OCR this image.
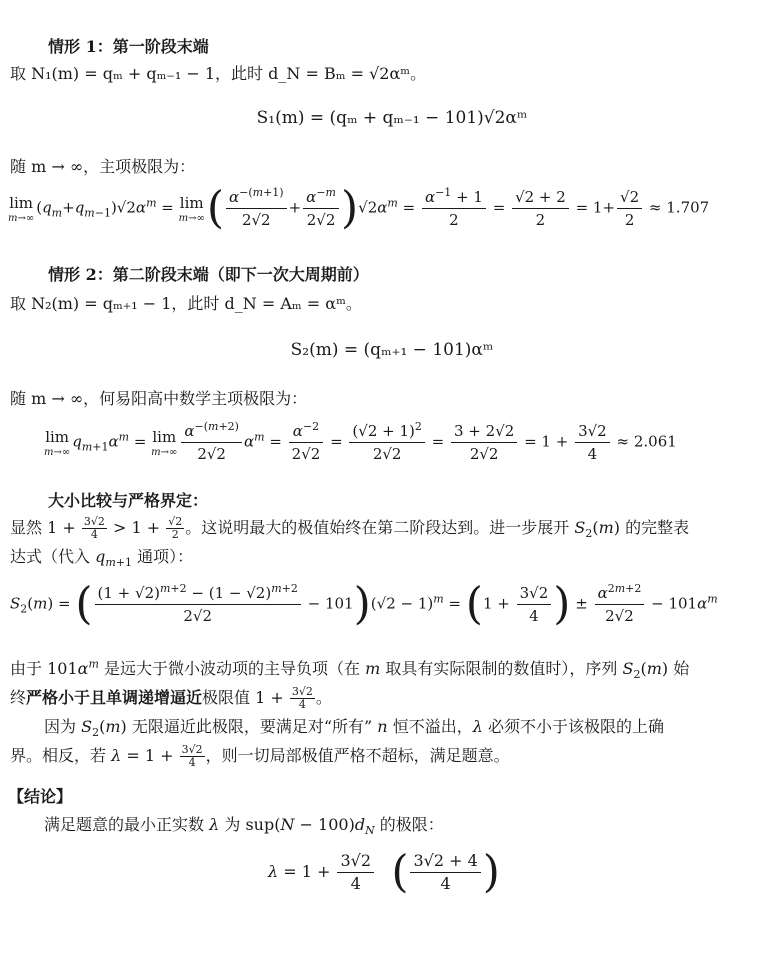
情形 1：第一阶段末端
取 N₁(m) = qₘ + qₘ₋₁ − 1，此时 d_N = Bₘ = √2αᵐ。
S₁(m) = (qₘ + qₘ₋₁ − 101)√2αᵐ
随 m → ∞，主项极限为：
lim
m→∞
$(q_m+q_{m-1})√2\alpha^m = \lim$
m→∞ ( $\frac{\alpha^{-(m+1)}}{2√2} + \frac{\alpha^{-m}}{2√2} )√2\alpha^m = \frac{\alpha^{-1} + 1}{2} = \frac{√2 + 2}{2} = 1+ \frac{√2}{2} \approx 1.707$
情形 2：第二阶段末端（即下一次大周期前）
取 N₂(m) = qₘ₊₁ − 1，此时 d_N = Aₘ = αᵐ。
S₂(m) = (qₘ₊₁ − 101)αᵐ
随 m → ∞，何易阳高中数学主项极限为：
lim
m→∞
$q_{m+1}\alpha^m = \lim$
$m\to\infty \frac{\alpha^{-(m+2)}}{2√2} \alpha^m = \frac{\alpha^{-2}}{2√2} = \frac{(√2 + 1)^2}{2√2} = \frac{3 + 2√2}{2√2} = 1 + \frac{3√2}{4} \approx 2.061$
大小比较与严格界定：
显然 $1 + \frac{3√2}{4} > 1 + \frac{√2}{2}$ 。这说明最大的极值始终在第二阶段达到。进一步展开 $S_2(m)$ 的完整表
达式（代入 $q_{m+1}$ 通项）：
$S_2(m)$ = ( $\frac{(1 + √2)^{m+2} - (1 - √2)^{m+2}}{2√2} - 101)(√2 - 1)^m = (1 + \frac{3√2}{4}$ ) ± $\frac{\alpha^{2m+2}}{2√2} - 101\alpha^m$
由于 $101\alpha^m$ 是远大于微小波动项的主导负项（在 m 取具有实际限制的数值时），序列 $S_2(m)$ 始
终严格小于且单调递增逼近极限值 $1 + \frac{3√2}{4}$ 。
因为 $S_2(m)$ 无限逼近此极限，要满足对“所有” n 恒不溢出，λ 必须不小于该极限的上确
界。相反，若 $\lambda = 1 + \frac{3√2}{4}$ ，则一切局部极值严格不超标，满足题意。
【结论】
满足题意的最小正实数 λ 为 $sup(N - 100)d_N$ 的极限：
$\lambda = 1 + \frac{3√2}{4}$ ( $\frac{3√2 + 4}{4}$ )
